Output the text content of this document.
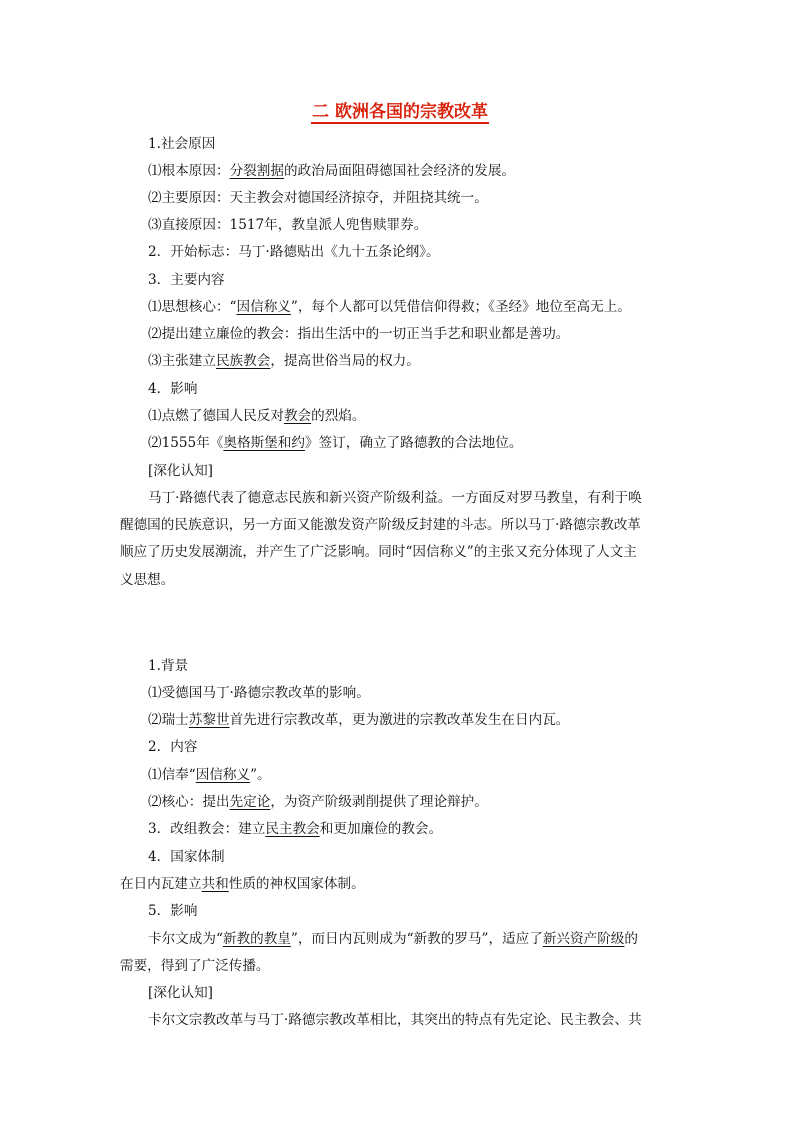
二 欧洲各国的宗教改革
1.社会原因
⑴根本原因：分裂割据的政治局面阻碍德国社会经济的发展。
⑵主要原因：天主教会对德国经济掠夺，并阻挠其统一。
⑶直接原因：1517年，教皇派人兜售赎罪券。
2．开始标志：马丁·路德贴出《九十五条论纲》。
3．主要内容
⑴思想核心：“因信称义”，每个人都可以凭借信仰得救；《圣经》地位至高无上。
⑵提出建立廉俭的教会：指出生活中的一切正当手艺和职业都是善功。
⑶主张建立民族教会，提高世俗当局的权力。
4．影响
⑴点燃了德国人民反对教会的烈焰。
⑵1555年《奥格斯堡和约》签订，确立了路德教的合法地位。
[深化认知]
马丁·路德代表了德意志民族和新兴资产阶级利益。一方面反对罗马教皇，有利于唤
醒德国的民族意识，另一方面又能激发资产阶级反封建的斗志。所以马丁·路德宗教改革
顺应了历史发展潮流，并产生了广泛影响。同时“因信称义”的主张又充分体现了人文主
义思想。
1.背景
⑴受德国马丁·路德宗教改革的影响。
⑵瑞士苏黎世首先进行宗教改革，更为激进的宗教改革发生在日内瓦。
2．内容
⑴信奉“因信称义”。
⑵核心：提出先定论，为资产阶级剥削提供了理论辩护。
3．改组教会：建立民主教会和更加廉俭的教会。
4．国家体制
在日内瓦建立共和性质的神权国家体制。
5．影响
卡尔文成为“新教的教皇”，而日内瓦则成为“新教的罗马”，适应了新兴资产阶级的
需要，得到了广泛传播。
[深化认知]
卡尔文宗教改革与马丁·路德宗教改革相比，其突出的特点有先定论、民主教会、共
